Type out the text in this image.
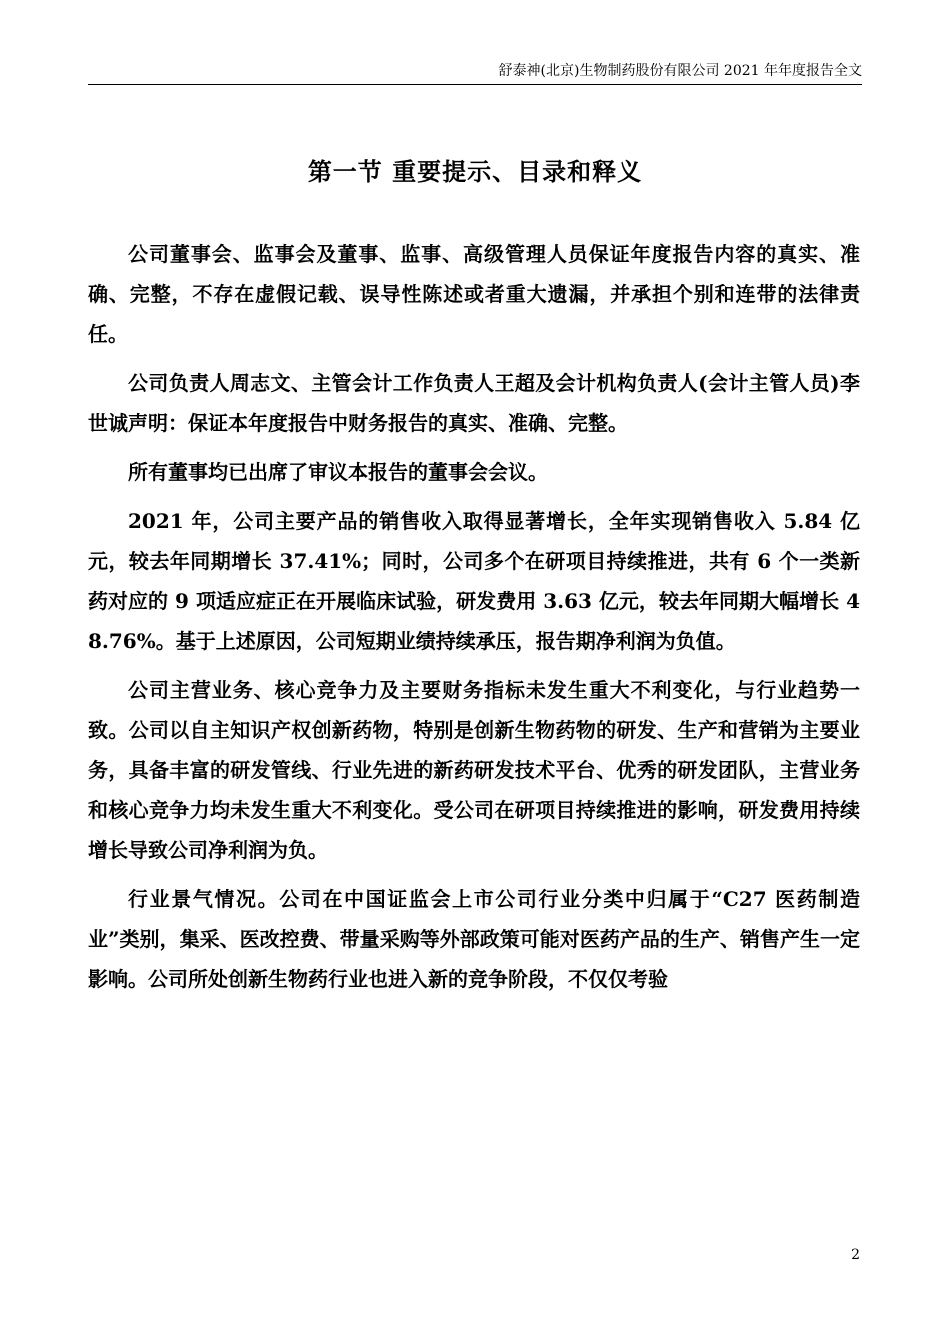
舒泰神(北京)生物制药股份有限公司 2021 年年度报告全文
第一节 重要提示、目录和释义

公司董事会、监事会及董事、监事、高级管理人员保证年度报告内容的真实、准确、完整，不存在虚假记载、误导性陈述或者重大遗漏，并承担个别和连带的法律责任。

公司负责人周志文、主管会计工作负责人王超及会计机构负责人(会计主管人员)李世诚声明：保证本年度报告中财务报告的真实、准确、完整。

所有董事均已出席了审议本报告的董事会会议。

2021 年，公司主要产品的销售收入取得显著增长，全年实现销售收入 5.84 亿元，较去年同期增长 37.41%；同时，公司多个在研项目持续推进，共有 6 个一类新药对应的 9 项适应症正在开展临床试验，研发费用 3.63 亿元，较去年同期大幅增长 48.76%。基于上述原因，公司短期业绩持续承压，报告期净利润为负值。

公司主营业务、核心竞争力及主要财务指标未发生重大不利变化，与行业趋势一致。公司以自主知识产权创新药物，特别是创新生物药物的研发、生产和营销为主要业务，具备丰富的研发管线、行业先进的新药研发技术平台、优秀的研发团队，主营业务和核心竞争力均未发生重大不利变化。受公司在研项目持续推进的影响，研发费用持续增长导致公司净利润为负。

行业景气情况。公司在中国证监会上市公司行业分类中归属于“C27 医药制造业”类别，集采、医改控费、带量采购等外部政策可能对医药产品的生产、销售产生一定影响。公司所处创新生物药行业也进入新的竞争阶段，不仅仅考验

2
